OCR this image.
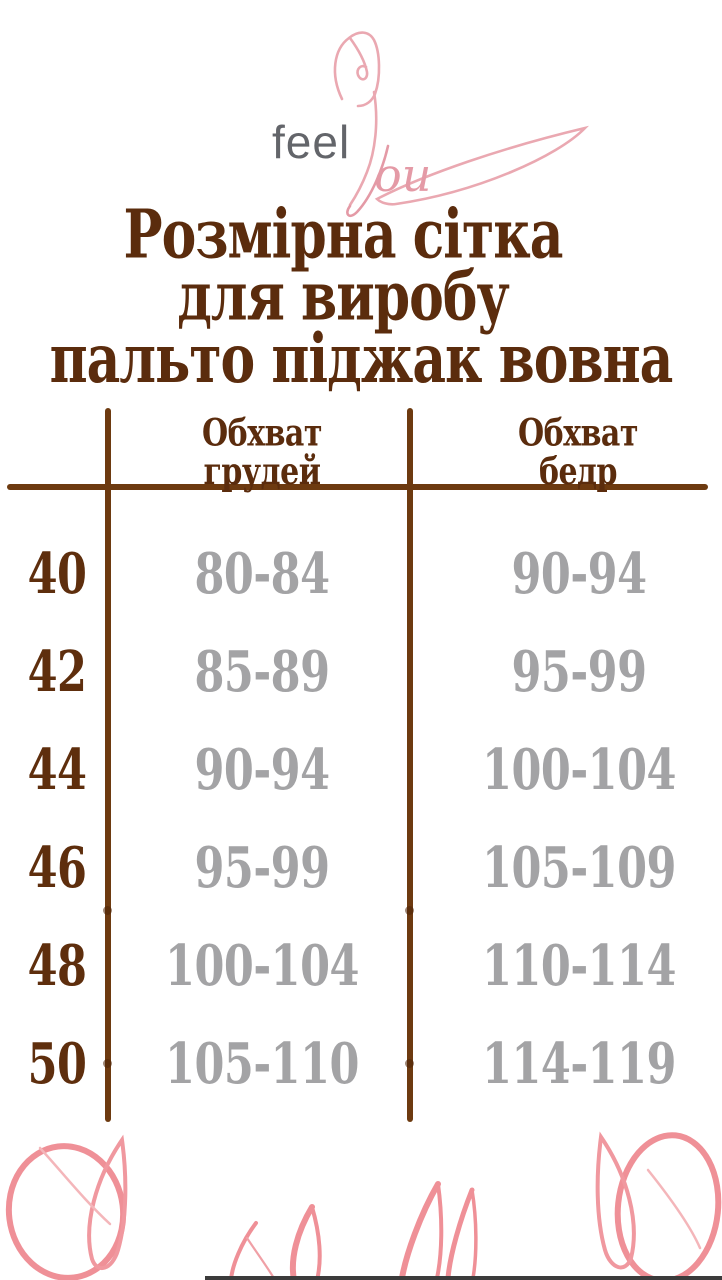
feel
ou
Розмірна сітка
для виробу
пальто піджак вовна
Обхват
грудей
Обхват
бедр
40	80-84	90-94
42	85-89	95-99
44	90-94	100-104
46	95-99	105-109
48	100-104	110-114
50	105-110	114-119
